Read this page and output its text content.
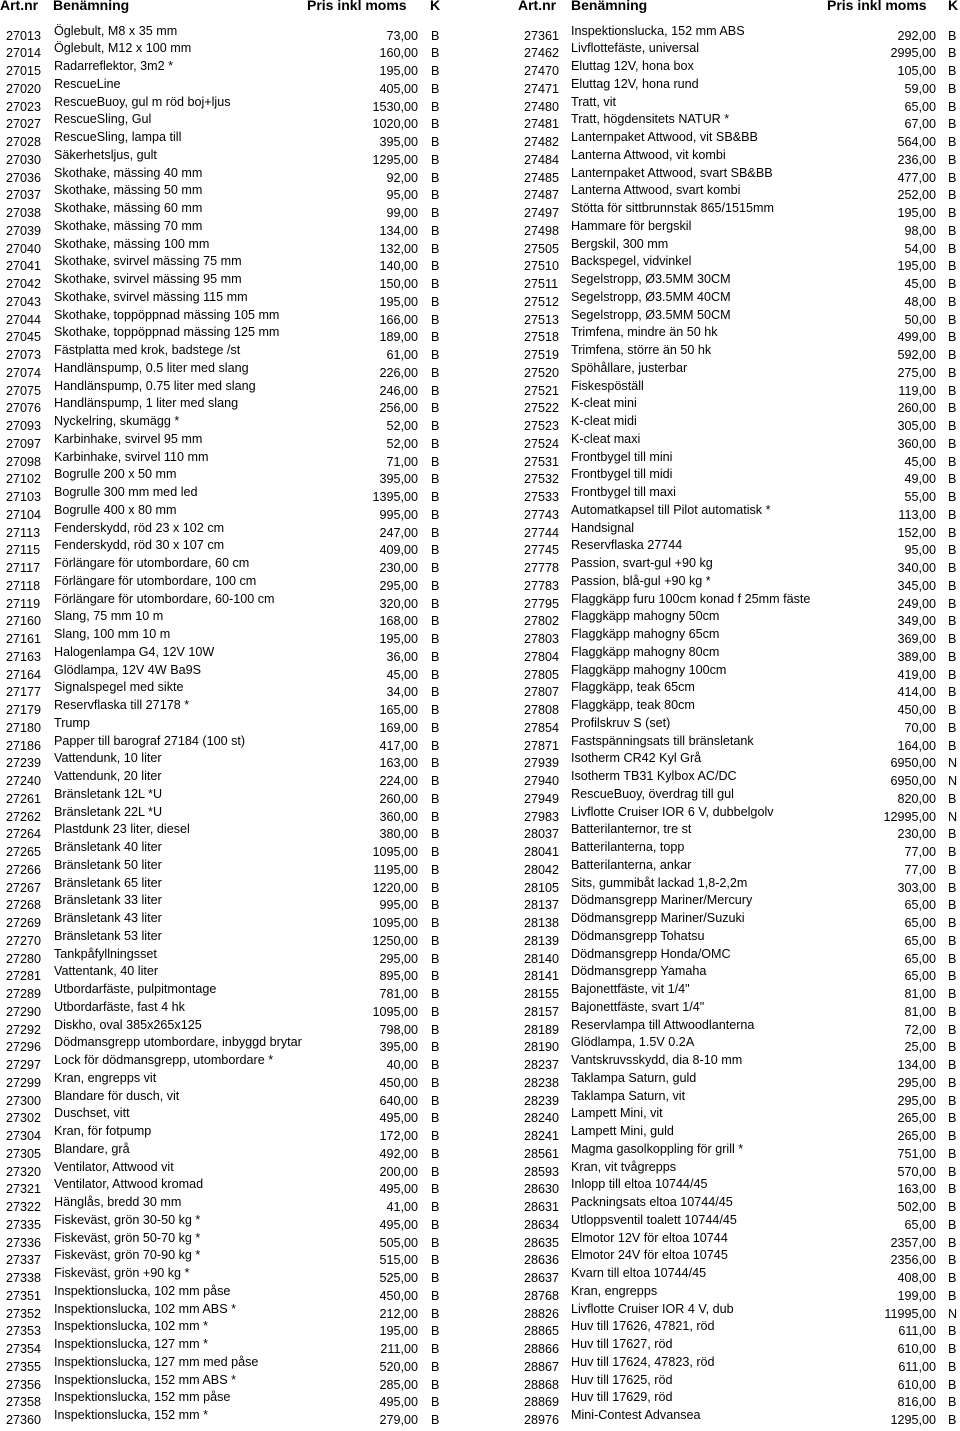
Art.nr Benämning	Pris inkl moms K
27013 Öglebult, M8 x 35 mm	73,00 B
27014 Öglebult, M12 x 100 mm	160,00 B
27015 Radarreflektor, 3m2 *	195,00 B
27020 RescueLine	405,00 B
27023 RescueBuoy, gul m röd boj+ljus	1530,00 B
27027 RescueSling, Gul	1020,00 B
27028 RescueSling, lampa till	395,00 B
27030 Säkerhetsljus, gult	1295,00 B
27036 Skothake, mässing 40 mm	92,00 B
27037 Skothake, mässing 50 mm	95,00 B
27038 Skothake, mässing 60 mm	99,00 B
27039 Skothake, mässing 70 mm	134,00 B
27040 Skothake, mässing 100 mm	132,00 B
27041 Skothake, svirvel mässing 75 mm	140,00 B
27042 Skothake, svirvel mässing 95 mm	150,00 B
27043 Skothake, svirvel mässing 115 mm	195,00 B
27044 Skothake, toppöppnad mässing 105 mm	166,00 B
27045 Skothake, toppöppnad mässing 125 mm	189,00 B
27073 Fästplatta med krok, badstege /st	61,00 B
27074 Handlänspump, 0.5 liter med slang	226,00 B
27075 Handlänspump, 0.75 liter med slang	246,00 B
27076 Handlänspump, 1 liter med slang	256,00 B
27093 Nyckelring, skumägg *	52,00 B
27097 Karbinhake, svirvel 95 mm	52,00 B
27098 Karbinhake, svirvel 110 mm	71,00 B
27102 Bogrulle 200 x 50 mm	395,00 B
27103 Bogrulle 300 mm med led	1395,00 B
27104 Bogrulle 400 x 80 mm	995,00 B
27113 Fenderskydd, röd 23 x 102 cm	247,00 B
27115 Fenderskydd, röd 30 x 107 cm	409,00 B
27117 Förlängare för utombordare, 60 cm	230,00 B
27118 Förlängare för utombordare, 100 cm	295,00 B
27119 Förlängare för utombordare, 60-100 cm	320,00 B
27160 Slang, 75 mm 10 m	168,00 B
27161 Slang, 100 mm 10 m	195,00 B
27163 Halogenlampa G4, 12V 10W	36,00 B
27164 Glödlampa, 12V 4W Ba9S	45,00 B
27177 Signalspegel med sikte	34,00 B
27179 Reservflaska till 27178 *	165,00 B
27180 Trump	169,00 B
27186 Papper till barograf 27184 (100 st)	417,00 B
27239 Vattendunk, 10 liter	163,00 B
27240 Vattendunk, 20 liter	224,00 B
27261 Bränsletank 12L *U	260,00 B
27262 Bränsletank 22L *U	360,00 B
27264 Plastdunk 23 liter, diesel	380,00 B
27265 Bränsletank 40 liter	1095,00 B
27266 Bränsletank 50 liter	1195,00 B
27267 Bränsletank 65 liter	1220,00 B
27268 Bränsletank 33 liter	995,00 B
27269 Bränsletank 43 liter	1095,00 B
27270 Bränsletank 53 liter	1250,00 B
27280 Tankpåfyllningsset	295,00 B
27281 Vattentank, 40 liter	895,00 B
27289 Utbordarfäste, pulpitmontage	781,00 B
27290 Utbordarfäste, fast 4 hk	1095,00 B
27292 Diskho, oval 385x265x125	798,00 B
27296 Dödmansgrepp utombordare, inbyggd brytar	395,00 B
27297 Lock för dödmansgrepp, utombordare *	40,00 B
27299 Kran, engrepps vit	450,00 B
27300 Blandare för dusch, vit	640,00 B
27302 Duschset, vitt	495,00 B
27304 Kran, för fotpump	172,00 B
27305 Blandare, grå	492,00 B
27320 Ventilator, Attwood vit	200,00 B
27321 Ventilator, Attwood kromad	495,00 B
27322 Hänglås, bredd 30 mm	41,00 B
27335 Fiskeväst, grön 30-50 kg *	495,00 B
27336 Fiskeväst, grön 50-70 kg *	505,00 B
27337 Fiskeväst, grön 70-90 kg *	515,00 B
27338 Fiskeväst, grön +90 kg *	525,00 B
27351 Inspektionslucka, 102 mm påse	450,00 B
27352 Inspektionslucka, 102 mm ABS *	212,00 B
27353 Inspektionslucka, 102 mm *	195,00 B
27354 Inspektionslucka, 127 mm *	211,00 B
27355 Inspektionslucka, 127 mm med påse	520,00 B
27356 Inspektionslucka, 152 mm ABS *	285,00 B
27358 Inspektionslucka, 152 mm påse	495,00 B
27360 Inspektionslucka, 152 mm *	279,00 B
Art.nr Benämning	Pris inkl moms K
27361 Inspektionslucka, 152 mm ABS	292,00 B
27462 Livflottefäste, universal	2995,00 B
27470 Eluttag 12V, hona box	105,00 B
27471 Eluttag 12V, hona rund	59,00 B
27480 Tratt, vit	65,00 B
27481 Tratt, högdensitets NATUR *	67,00 B
27482 Lanternpaket Attwood, vit SB&BB	564,00 B
27484 Lanterna Attwood, vit kombi	236,00 B
27485 Lanternpaket Attwood, svart SB&BB	477,00 B
27487 Lanterna Attwood, svart kombi	252,00 B
27497 Stötta för sittbrunnstak 865/1515mm	195,00 B
27498 Hammare för bergskil	98,00 B
27505 Bergskil, 300 mm	54,00 B
27510 Backspegel, vidvinkel	195,00 B
27511 Segelstropp, Ø3.5MM 30CM	45,00 B
27512 Segelstropp, Ø3.5MM 40CM	48,00 B
27513 Segelstropp, Ø3.5MM 50CM	50,00 B
27518 Trimfena, mindre än 50 hk	499,00 B
27519 Trimfena, större än 50 hk	592,00 B
27520 Spöhållare, justerbar	275,00 B
27521 Fiskespöställ	119,00 B
27522 K-cleat mini	260,00 B
27523 K-cleat midi	305,00 B
27524 K-cleat maxi	360,00 B
27531 Frontbygel till mini	45,00 B
27532 Frontbygel till midi	49,00 B
27533 Frontbygel till maxi	55,00 B
27743 Automatkapsel till Pilot automatisk *	113,00 B
27744 Handsignal	152,00 B
27745 Reservflaska 27744	95,00 B
27778 Passion, svart-gul +90 kg	340,00 B
27783 Passion, blå-gul +90 kg *	345,00 B
27795 Flaggkäpp furu 100cm konad f 25mm fäste	249,00 B
27802 Flaggkäpp mahogny 50cm	349,00 B
27803 Flaggkäpp mahogny 65cm	369,00 B
27804 Flaggkäpp mahogny 80cm	389,00 B
27805 Flaggkäpp mahogny 100cm	419,00 B
27807 Flaggkäpp, teak 65cm	414,00 B
27808 Flaggkäpp, teak 80cm	450,00 B
27854 Profilskruv S (set)	70,00 B
27871 Fastspänningsats till bränsletank	164,00 B
27939 Isotherm CR42 Kyl Grå	6950,00 N
27940 Isotherm TB31 Kylbox AC/DC	6950,00 N
27949 RescueBuoy, överdrag till gul	820,00 B
27983 Livflotte Cruiser IOR 6 V, dubbelgolv	12995,00 N
28037 Batterilanternor, tre st	230,00 B
28041 Batterilanterna, topp	77,00 B
28042 Batterilanterna, ankar	77,00 B
28105 Sits, gummibåt lackad 1,8-2,2m	303,00 B
28137 Dödmansgrepp Mariner/Mercury	65,00 B
28138 Dödmansgrepp Mariner/Suzuki	65,00 B
28139 Dödmansgrepp Tohatsu	65,00 B
28140 Dödmansgrepp Honda/OMC	65,00 B
28141 Dödmansgrepp Yamaha	65,00 B
28155 Bajonettfäste, vit 1/4"	81,00 B
28157 Bajonettfäste, svart 1/4"	81,00 B
28189 Reservlampa till Attwoodlanterna	72,00 B
28190 Glödlampa, 1.5V 0.2A	25,00 B
28237 Vantskruvsskydd, dia 8-10 mm	134,00 B
28238 Taklampa Saturn, guld	295,00 B
28239 Taklampa Saturn, vit	295,00 B
28240 Lampett Mini, vit	265,00 B
28241 Lampett Mini, guld	265,00 B
28561 Magma gasolkoppling för grill *	751,00 B
28593 Kran, vit tvågrepps	570,00 B
28630 Inlopp till eltoa 10744/45	163,00 B
28631 Packningsats eltoa 10744/45	502,00 B
28634 Utloppsventil toalett 10744/45	65,00 B
28635 Elmotor 12V för eltoa 10744	2357,00 B
28636 Elmotor 24V för eltoa 10745	2356,00 B
28637 Kvarn till eltoa 10744/45	408,00 B
28768 Kran, engrepps	199,00 B
28826 Livflotte Cruiser IOR 4 V, dub	11995,00 N
28865 Huv till 17626, 47821, röd	611,00 B
28866 Huv till 17627, röd	610,00 B
28867 Huv till 17624, 47823, röd	611,00 B
28868 Huv till 17625, röd	610,00 B
28869 Huv till 17629, röd	816,00 B
28976 Mini-Contest Advansea	1295,00 B
